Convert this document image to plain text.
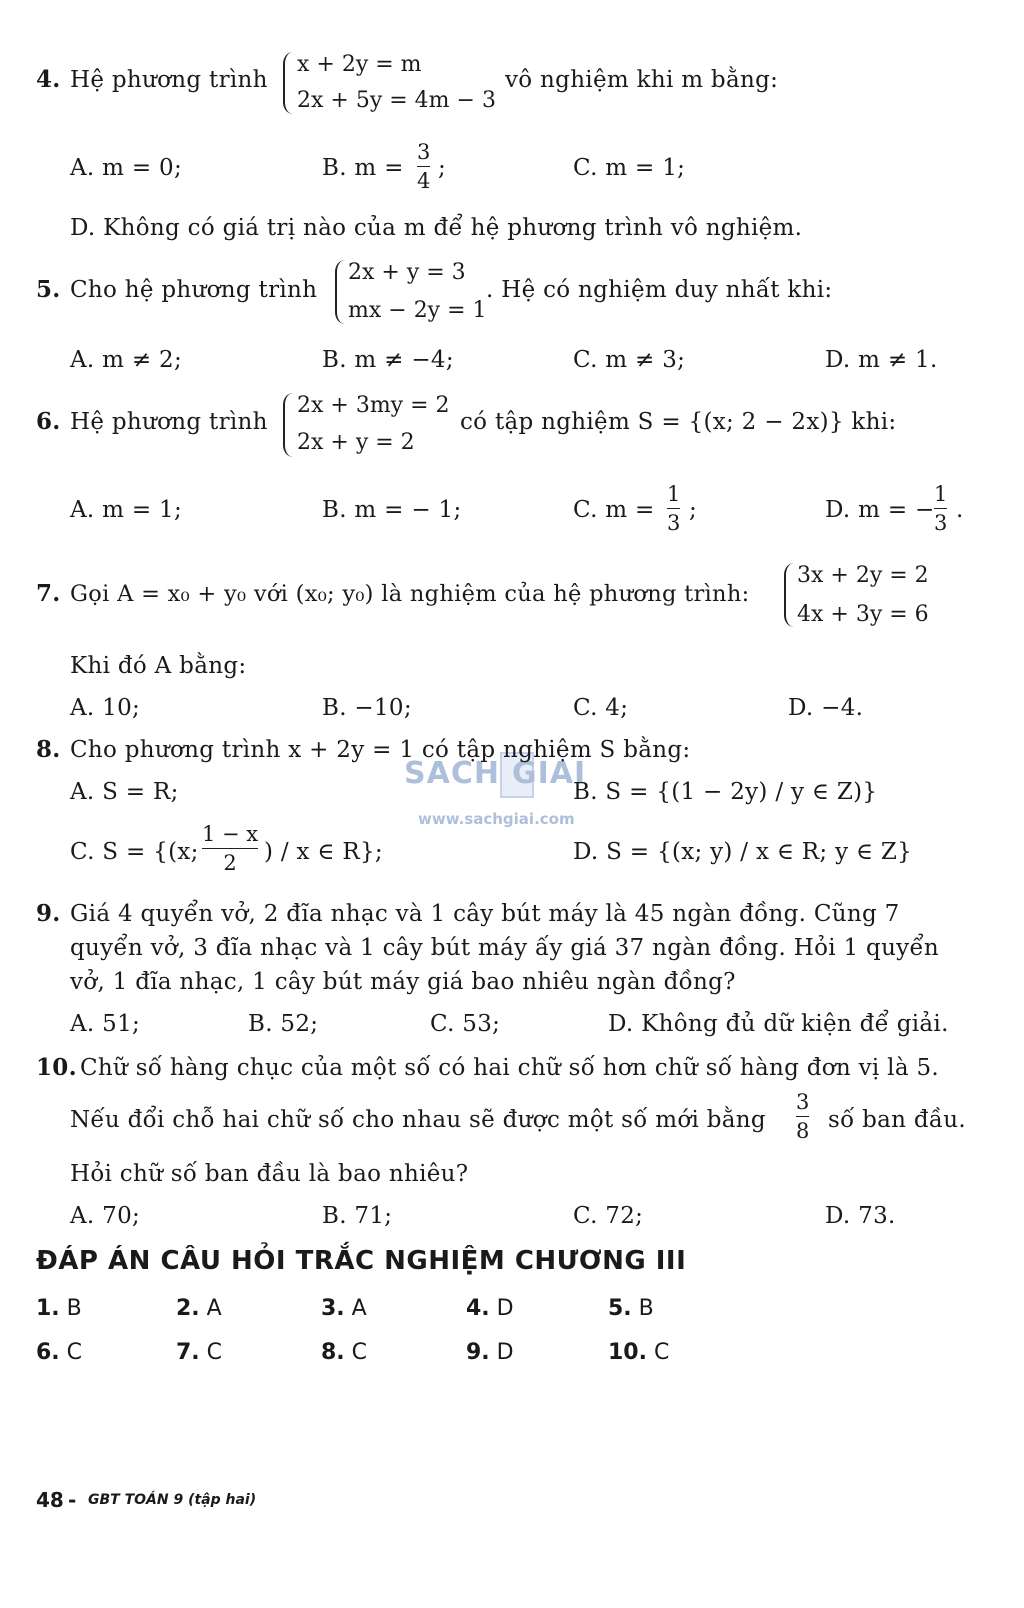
4. Hệ phương trình
x + 2y = m
2x + 5y = 4m − 3
vô nghiệm khi m bằng:
A. m = 0;	B. m =
3
4 ;	C. m = 1;
D. Không có giá trị nào của m để hệ phương trình vô nghiệm.
5. Cho hệ phương trình
2x + y = 3
mx − 2y = 1
. Hệ có nghiệm duy nhất khi:
A. m ≠ 2;	B. m ≠ −4;	C. m ≠ 3;	D. m ≠ 1.
6. Hệ phương trình
2x + 3my = 2
2x + y = 2
có tập nghiệm S = {(x; 2 − 2x)} khi:
A. m = 1;	B. m = − 1;	C. m =
1
3 ;	D. m = −
1
3 .
7. Gọi A = x₀ + y₀ với (x₀; y₀) là nghiệm của hệ phương trình:
3x + 2y = 2
4x + 3y = 6
Khi đó A bằng:
A. 10;	B. −10;	C. 4;	D. −4.
SACH GIAI
www.sachgiai.com
8. Cho phương trình x + 2y = 1 có tập nghiệm S bằng:
A. S = R;	B. S = {(1 − 2y) / y ∈ Z)}
C. S = {(x;
1 − x
2 ) / x ∈ R};	D. S = {(x; y) / x ∈ R; y ∈ Z}
9. Giá 4 quyển vở, 2 đĩa nhạc và 1 cây bút máy là 45 ngàn đồng. Cũng 7
quyển vở, 3 đĩa nhạc và 1 cây bút máy ấy giá 37 ngàn đồng. Hỏi 1 quyển
vở, 1 đĩa nhạc, 1 cây bút máy giá bao nhiêu ngàn đồng?
A. 51;	B. 52;	C. 53;	D. Không đủ dữ kiện để giải.
10. Chữ số hàng chục của một số có hai chữ số hơn chữ số hàng đơn vị là 5.
Nếu đổi chỗ hai chữ số cho nhau sẽ được một số mới bằng
3
8 số ban đầu.
Hỏi chữ số ban đầu là bao nhiêu?
A. 70;	B. 71;	C. 72;	D. 73.
ĐÁP ÁN CÂU HỎI TRẮC NGHIỆM CHƯƠNG III
1. B	2. A	3. A	4. D	5. B
6. C	7. C	8. C	9. D	10. C
48 - GBT TOÁN 9 (tập hai)
